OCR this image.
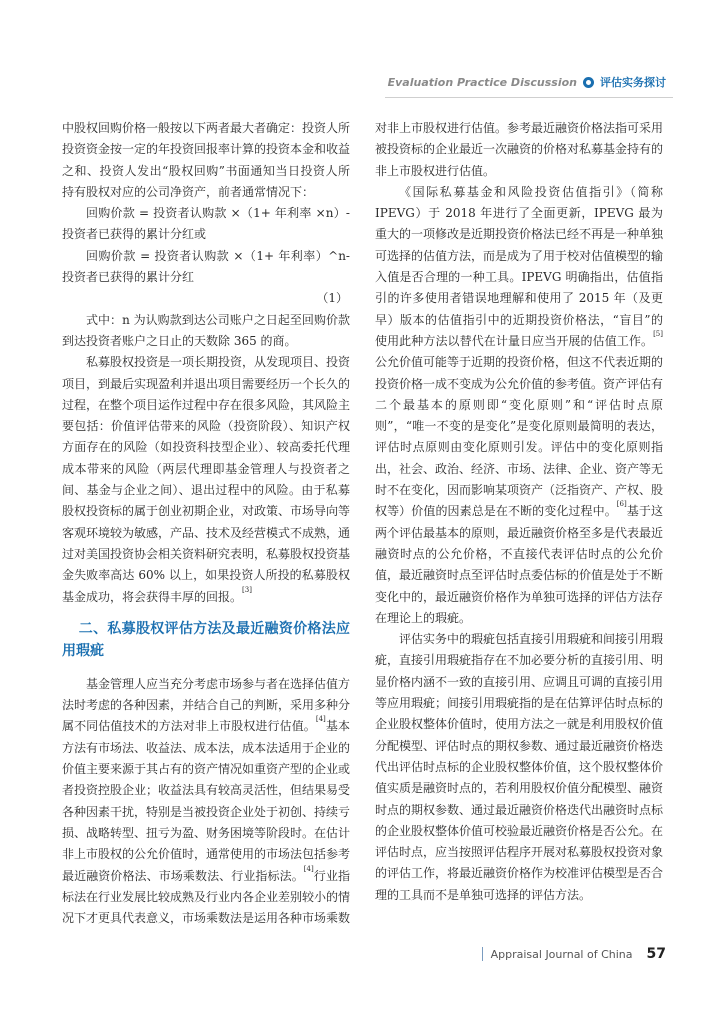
Evaluation Practice Discussion 评估实务探讨

中股权回购价格一般按以下两者最大者确定：投资人所投资资金按一定的年投资回报率计算的投资本金和收益之和、投资人发出“股权回购”书面通知当日投资人所持有股权对应的公司净资产，前者通常情况下：

回购价款 = 投资者认购款 ×（1+ 年利率 ×n）- 投资者已获得的累计分红或

回购价款 = 投资者认购款 ×（1+ 年利率）^n- 投资者已获得的累计分红

（1）

式中：n 为认购款到达公司账户之日起至回购价款到达投资者账户之日止的天数除 365 的商。

私募股权投资是一项长期投资，从发现项目、投资项目，到最后实现盈利并退出项目需要经历一个长久的过程，在整个项目运作过程中存在很多风险，其风险主要包括：价值评估带来的风险（投资阶段）、知识产权方面存在的风险（如投资科技型企业）、较高委托代理成本带来的风险（两层代理即基金管理人与投资者之间、基金与企业之间）、退出过程中的风险。由于私募股权投资标的属于创业初期企业，对政策、市场导向等客观环境较为敏感，产品、技术及经营模式不成熟，通过对美国投资协会相关资料研究表明，私募股权投资基金失败率高达 60% 以上，如果投资人所投的私募股权基金成功，将会获得丰厚的回报。[3]

二、私募股权评估方法及最近融资价格法应用瑕疵

基金管理人应当充分考虑市场参与者在选择估值方法时考虑的各种因素，并结合自己的判断，采用多种分属不同估值技术的方法对非上市股权进行估值。[4]基本方法有市场法、收益法、成本法，成本法适用于企业的价值主要来源于其占有的资产情况如重资产型的企业或者投资控股企业；收益法具有较高灵活性，但结果易受各种因素干扰，特别是当被投资企业处于初创、持续亏损、战略转型、扭亏为盈、财务困境等阶段时。在估计非上市股权的公允价值时，通常使用的市场法包括参考最近融资价格法、市场乘数法、行业指标法。[4]行业指标法在行业发展比较成熟及行业内各企业差别较小的情况下才更具代表意义，市场乘数法是运用各种市场乘数

对非上市股权进行估值。参考最近融资价格法指可采用被投资标的企业最近一次融资的价格对私募基金持有的非上市股权进行估值。

《国际私募基金和风险投资估值指引》（简称 IPEVG）于 2018 年进行了全面更新，IPEVG 最为重大的一项修改是近期投资价格法已经不再是一种单独可选择的估值方法，而是成为了用于校对估值模型的输入值是否合理的一种工具。IPEVG 明确指出，估值指引的许多使用者错误地理解和使用了 2015 年（及更早）版本的估值指引中的近期投资价格法，“盲目”的使用此种方法以替代在计量日应当开展的估值工作。[5]公允价值可能等于近期的投资价格，但这不代表近期的投资价格一成不变成为公允价值的参考值。资产评估有二个最基本的原则即“变化原则”和“评估时点原则”，“唯一不变的是变化”是变化原则最简明的表达，评估时点原则由变化原则引发。评估中的变化原则指出，社会、政治、经济、市场、法律、企业、资产等无时不在变化，因而影响某项资产（泛指资产、产权、股权等）价值的因素总是在不断的变化过程中。[6]基于这两个评估最基本的原则，最近融资价格至多是代表最近融资时点的公允价格，不直接代表评估时点的公允价值，最近融资时点至评估时点委估标的价值是处于不断变化中的，最近融资价格作为单独可选择的评估方法存在理论上的瑕疵。

评估实务中的瑕疵包括直接引用瑕疵和间接引用瑕疵，直接引用瑕疵指存在不加必要分析的直接引用、明显价格内涵不一致的直接引用、应调且可调的直接引用等应用瑕疵；间接引用瑕疵指的是在估算评估时点标的企业股权整体价值时，使用方法之一就是利用股权价值分配模型、评估时点的期权参数、通过最近融资价格迭代出评估时点标的企业股权整体价值，这个股权整体价值实质是融资时点的，若利用股权价值分配模型、融资时点的期权参数、通过最近融资价格迭代出融资时点标的企业股权整体价值可校验最近融资价格是否公允。在评估时点，应当按照评估程序开展对私募股权投资对象的评估工作，将最近融资价格作为校准评估模型是否合理的工具而不是单独可选择的评估方法。

Appraisal Journal of China 57
